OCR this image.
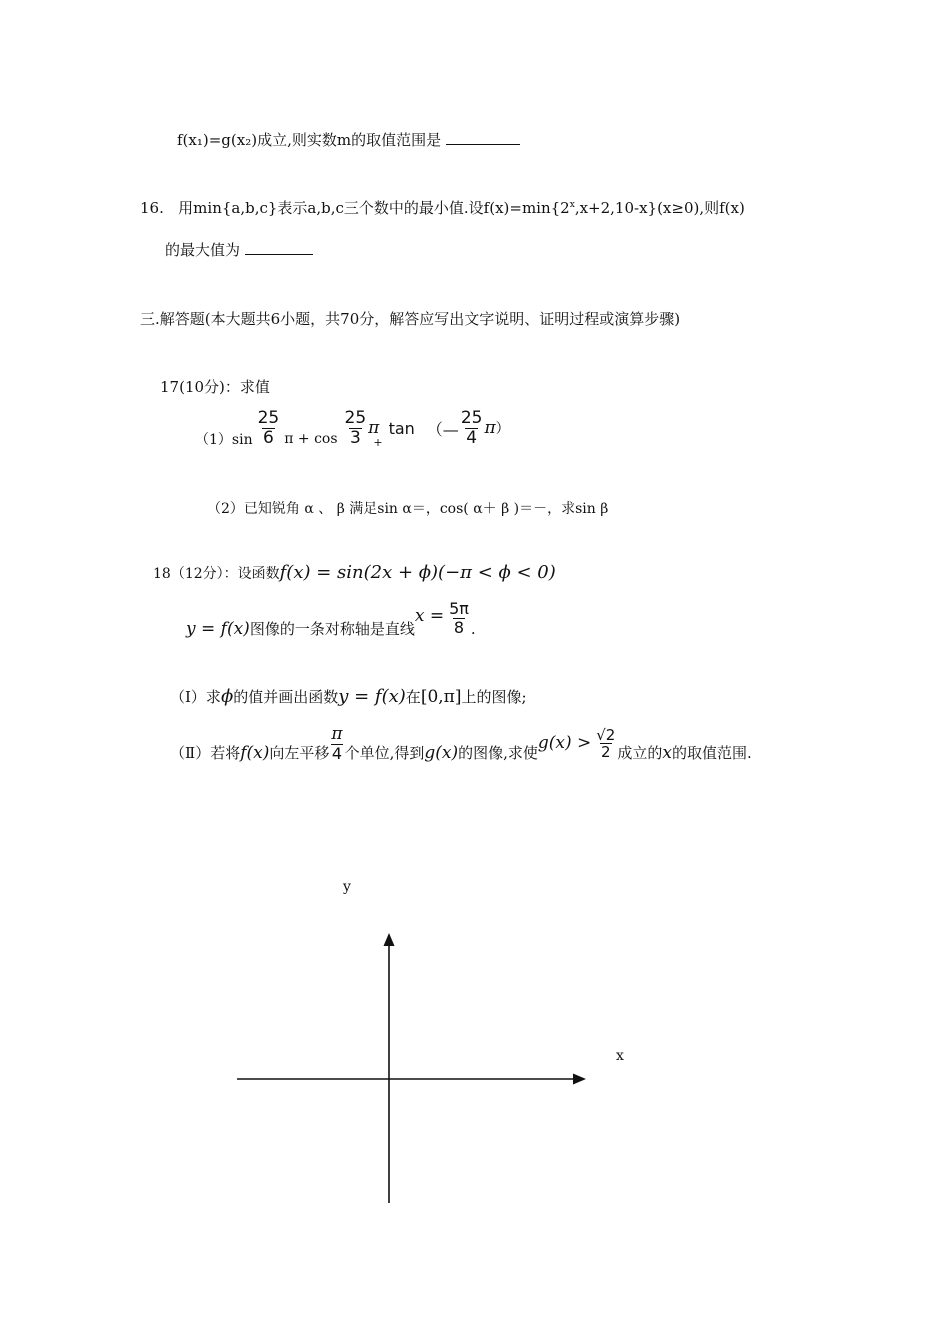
f(x₁)=g(x₂)成立,则实数m的取值范围是
16. 用min{a,b,c}表示a,b,c三个数中的最小值.设$f(x)=\min\{2^x,x+2,10-x\}(x\ge 0)$,则f(x)
的最大值为
三.解答题(本大题共6小题，共70分，解答应写出文字说明、证明过程或演算步骤)
17(10分)：求值
$(1)\sin \frac{25}{6}$ $\pi + \cos \frac{25}{3}$ π
+
tan （— $\frac{25}{4}$ π ）
（2）已知锐角 α 、 β 满足sin α＝，cos( α＋ β )＝－，求sin β
18（12分）：设函数 f(x) = sin(2x + ϕ)(−π < ϕ < 0)
y = f(x) 图像的一条对称轴是直线
$x = \frac{5\pi}{8}$ .
（Ⅰ）求 ϕ 的值并画出函数 y = f(x) 在 [0,π] 上的图像;
（Ⅱ）若将 f(x) 向左平移 $\frac{\pi}{4}$ 个单位,得到 g(x) 的图像,求使
$g(x) > \frac{√2}{2}$ 成立的 x 的取值范围.
y
x
